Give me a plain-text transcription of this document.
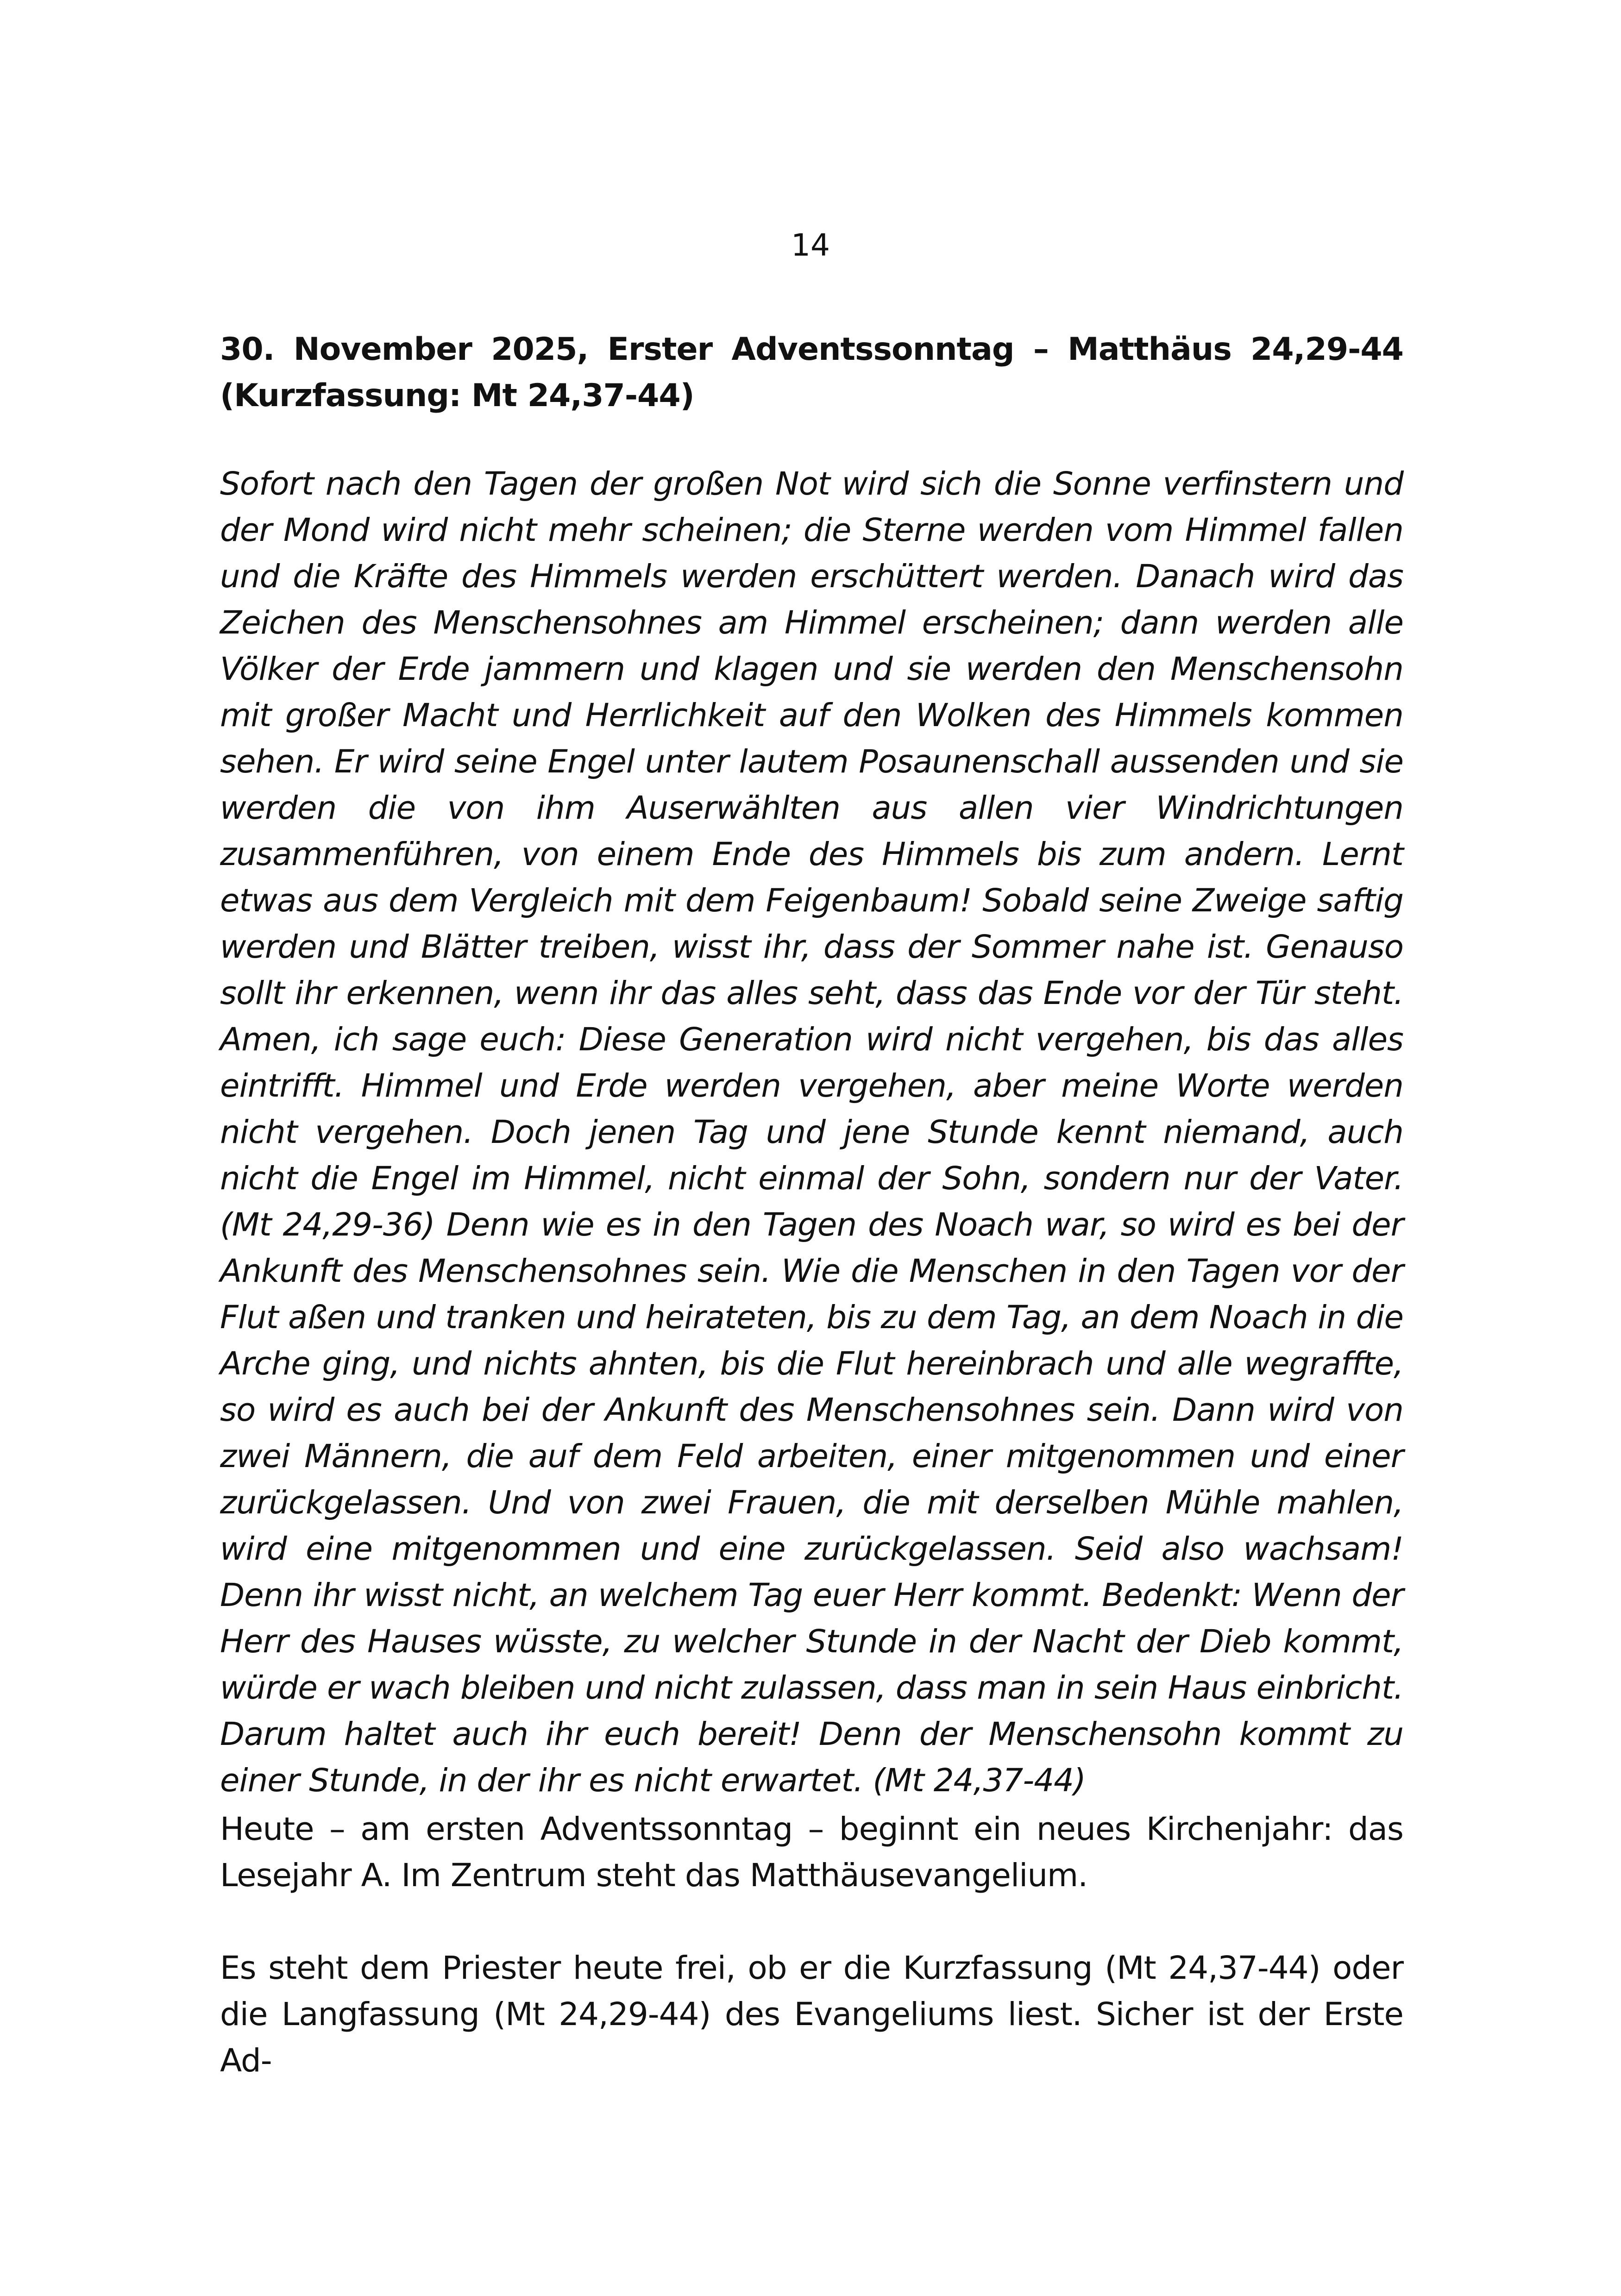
14
30. November 2025, Erster Adventssonntag – Matthäus 24,29-44 (Kurzfassung: Mt 24,37-44)

Sofort nach den Tagen der großen Not wird sich die Sonne verfinstern und der Mond wird nicht mehr scheinen; die Sterne werden vom Himmel fallen und die Kräfte des Himmels werden erschüttert werden. Danach wird das Zeichen des Menschensohnes am Himmel erscheinen; dann werden alle Völker der Erde jammern und klagen und sie werden den Menschensohn mit großer Macht und Herrlichkeit auf den Wolken des Himmels kommen sehen. Er wird seine Engel unter lautem Posaunenschall aussenden und sie werden die von ihm Auserwählten aus allen vier Windrichtungen zusammenführen, von einem Ende des Himmels bis zum andern. Lernt etwas aus dem Vergleich mit dem Feigenbaum! Sobald seine Zweige saftig werden und Blätter treiben, wisst ihr, dass der Sommer nahe ist. Genauso sollt ihr erkennen, wenn ihr das alles seht, dass das Ende vor der Tür steht. Amen, ich sage euch: Diese Generation wird nicht vergehen, bis das alles eintrifft. Himmel und Erde werden vergehen, aber meine Worte werden nicht vergehen. Doch jenen Tag und jene Stunde kennt niemand, auch nicht die Engel im Himmel, nicht einmal der Sohn, sondern nur der Vater. (Mt 24,29-36) Denn wie es in den Tagen des Noach war, so wird es bei der Ankunft des Menschensohnes sein. Wie die Menschen in den Tagen vor der Flut aßen und tranken und heirateten, bis zu dem Tag, an dem Noach in die Arche ging, und nichts ahnten, bis die Flut hereinbrach und alle wegraffte, so wird es auch bei der Ankunft des Menschensohnes sein. Dann wird von zwei Männern, die auf dem Feld arbeiten, einer mitgenommen und einer zurückgelassen. Und von zwei Frauen, die mit derselben Mühle mahlen, wird eine mitgenommen und eine zurückgelassen. Seid also wachsam! Denn ihr wisst nicht, an welchem Tag euer Herr kommt. Bedenkt: Wenn der Herr des Hauses wüsste, zu welcher Stunde in der Nacht der Dieb kommt, würde er wach bleiben und nicht zulassen, dass man in sein Haus einbricht. Darum haltet auch ihr euch bereit! Denn der Menschensohn kommt zu einer Stunde, in der ihr es nicht erwartet. (Mt 24,37-44)

Heute – am ersten Adventssonntag – beginnt ein neues Kirchenjahr: das Lesejahr A. Im Zentrum steht das Matthäusevangelium.

Es steht dem Priester heute frei, ob er die Kurzfassung (Mt 24,37-44) oder die Langfassung (Mt 24,29-44) des Evangeliums liest. Sicher ist der Erste Ad-
